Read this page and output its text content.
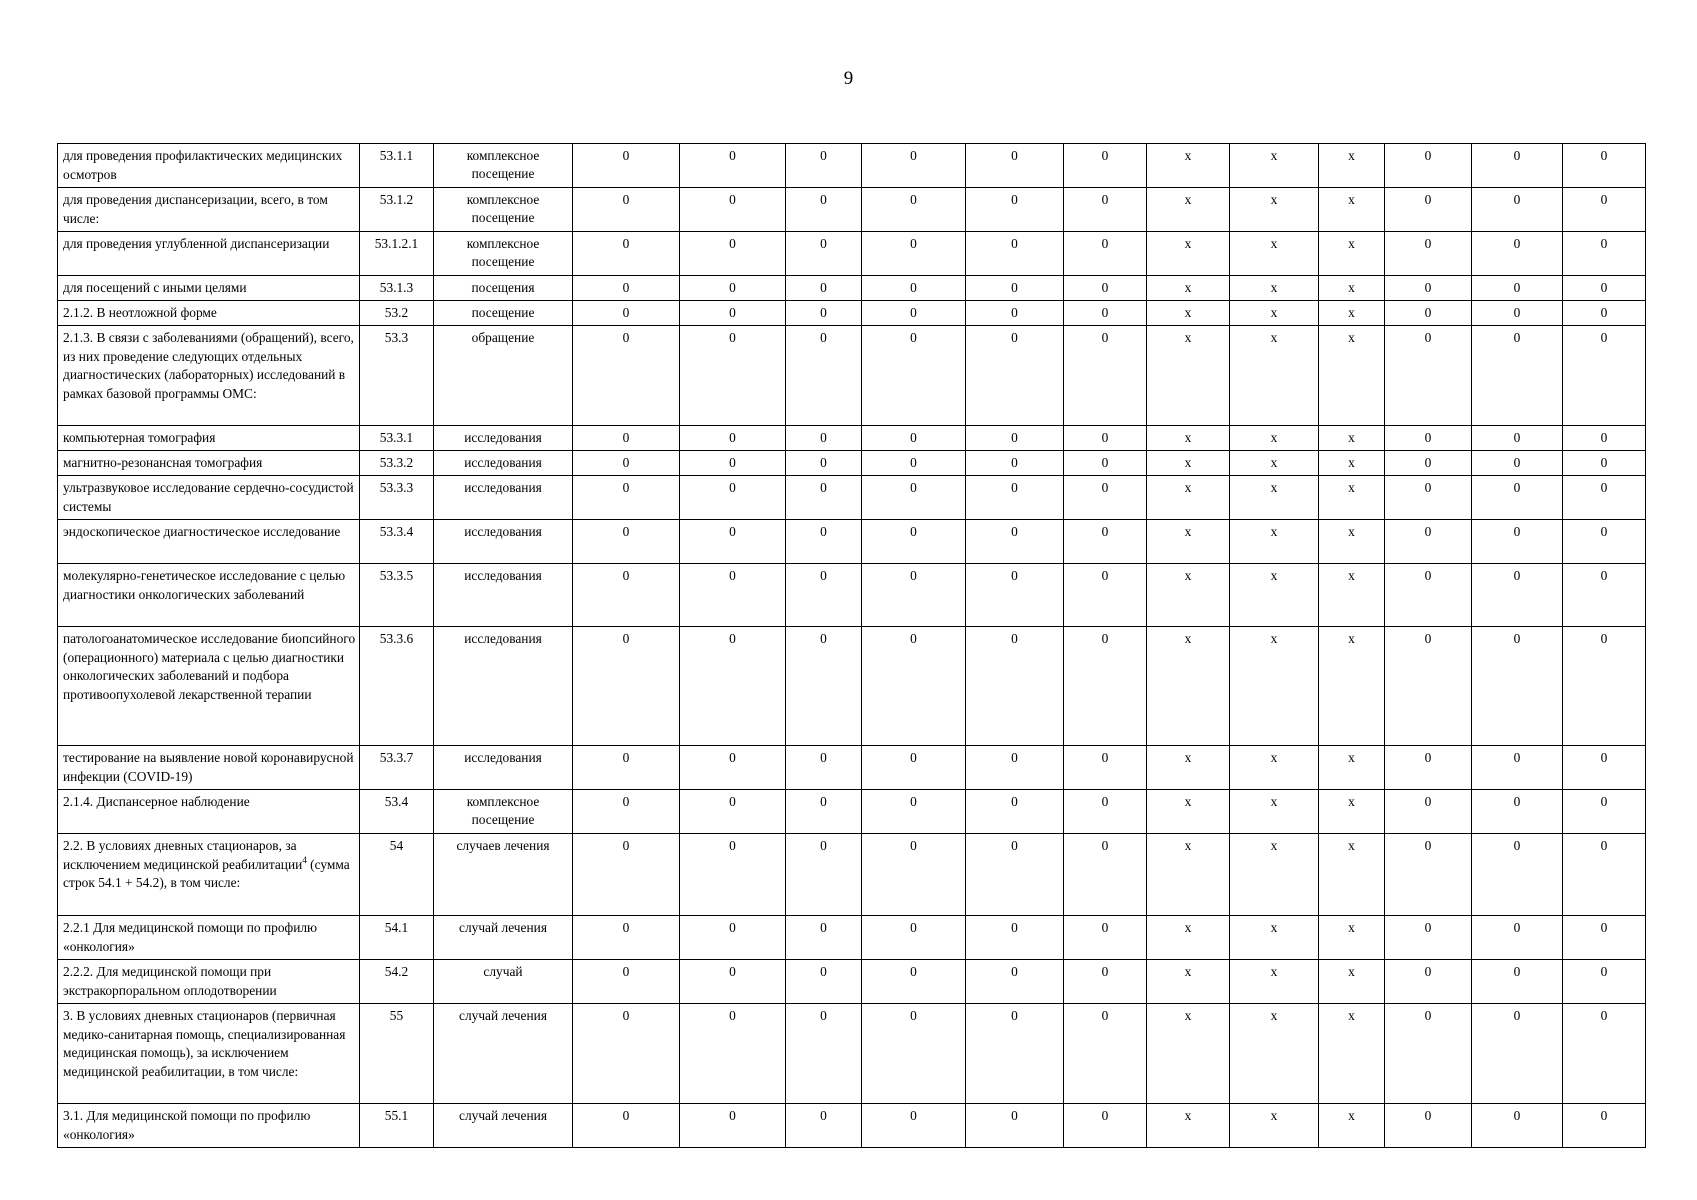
9
для проведения профилактических медицинских осмотров	53.1.1	комплексное посещение	0	0	0	0	0	0	х	х	х	0	0	0
для проведения диспансеризации, всего, в том числе:	53.1.2	комплексное посещение	0	0	0	0	0	0	х	х	х	0	0	0
для проведения углубленной диспансеризации	53.1.2.1	комплексное посещение	0	0	0	0	0	0	х	х	х	0	0	0
для посещений с иными целями	53.1.3	посещения	0	0	0	0	0	0	х	х	х	0	0	0
2.1.2. В неотложной форме	53.2	посещение	0	0	0	0	0	0	х	х	х	0	0	0
2.1.3. В связи с заболеваниями (обращений), всего, из них проведение следующих отдельных диагностических (лабораторных) исследований в рамках базовой программы ОМС:	53.3	обращение	0	0	0	0	0	0	х	х	х	0	0	0
компьютерная томография	53.3.1	исследования	0	0	0	0	0	0	х	х	х	0	0	0
магнитно-резонансная томография	53.3.2	исследования	0	0	0	0	0	0	х	х	х	0	0	0
ультразвуковое исследование сердечно-сосудистой системы	53.3.3	исследования	0	0	0	0	0	0	х	х	х	0	0	0
эндоскопическое диагностическое исследование	53.3.4	исследования	0	0	0	0	0	0	х	х	х	0	0	0
молекулярно-генетическое исследование с целью диагностики онкологических заболеваний	53.3.5	исследования	0	0	0	0	0	0	х	х	х	0	0	0
патологоанатомическое исследование биопсийного (операционного) материала с целью диагностики онкологических заболеваний и подбора противоопухолевой лекарственной терапии	53.3.6	исследования	0	0	0	0	0	0	х	х	х	0	0	0
тестирование на выявление новой коронавирусной инфекции (COVID-19)	53.3.7	исследования	0	0	0	0	0	0	х	х	х	0	0	0
2.1.4. Диспансерное наблюдение	53.4	комплексное посещение	0	0	0	0	0	0	х	х	х	0	0	0
2.2. В условиях дневных стационаров, за исключением медицинской реабилитации$^4$ (сумма строк 54.1 + 54.2), в том числе:	54	случаев лечения	0	0	0	0	0	0	х	х	х	0	0	0
2.2.1 Для медицинской помощи по профилю «онкология»	54.1	случай лечения	0	0	0	0	0	0	х	х	х	0	0	0
2.2.2. Для медицинской помощи при экстракорпоральном оплодотворении	54.2	случай	0	0	0	0	0	0	х	х	х	0	0	0
3. В условиях дневных стационаров (первичная медико-санитарная помощь, специализированная медицинская помощь), за исключением медицинской реабилитации, в том числе:	55	случай лечения	0	0	0	0	0	0	х	х	х	0	0	0
3.1. Для медицинской помощи по профилю «онкология»	55.1	случай лечения	0	0	0	0	0	0	х	х	х	0	0	0
